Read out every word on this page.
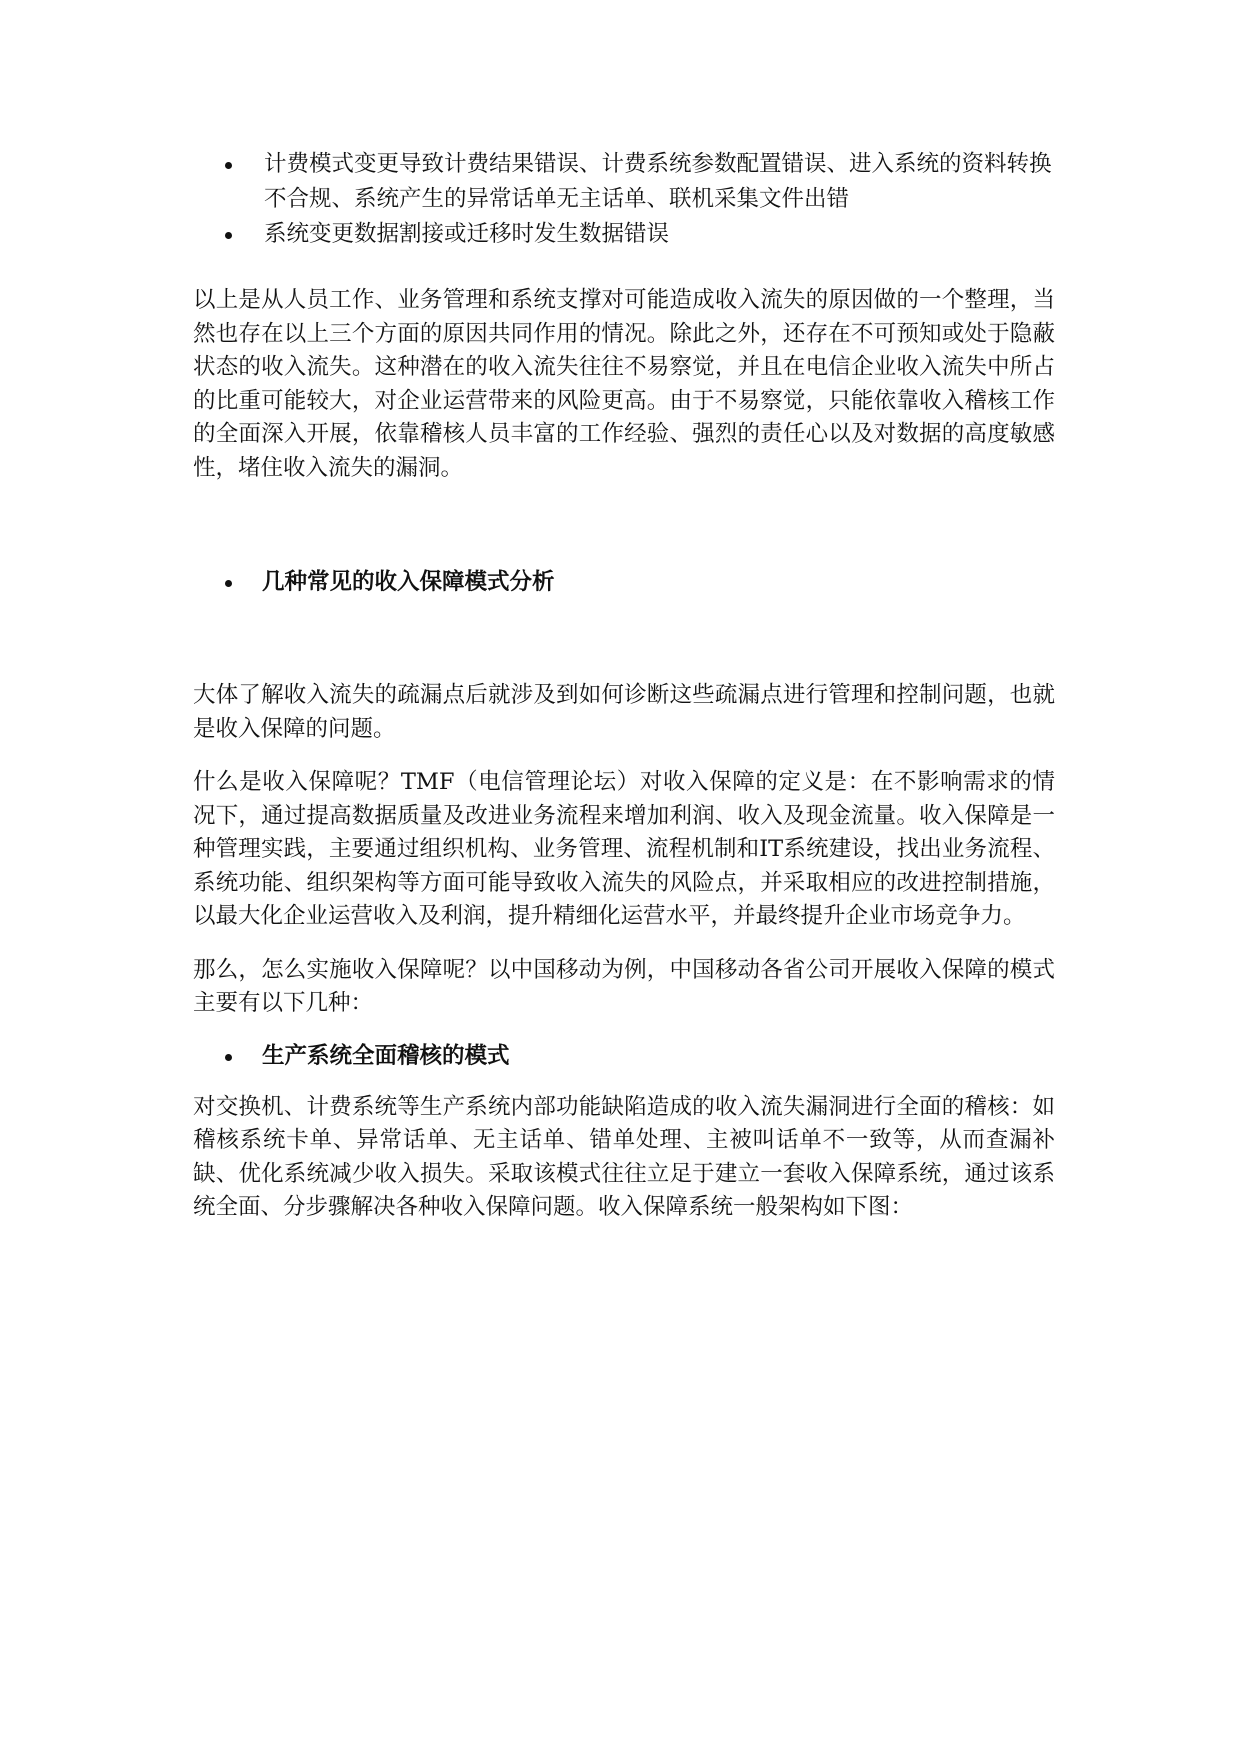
计费模式变更导致计费结果错误、计费系统参数配置错误、进入系统的资料转换不合规、系统产生的异常话单无主话单、联机采集文件出错
系统变更数据割接或迁移时发生数据错误

以上是从人员工作、业务管理和系统支撑对可能造成收入流失的原因做的一个整理，当然也存在以上三个方面的原因共同作用的情况。除此之外，还存在不可预知或处于隐蔽状态的收入流失。这种潜在的收入流失往往不易察觉，并且在电信企业收入流失中所占的比重可能较大，对企业运营带来的风险更高。由于不易察觉，只能依靠收入稽核工作的全面深入开展，依靠稽核人员丰富的工作经验、强烈的责任心以及对数据的高度敏感性，堵住收入流失的漏洞。

几种常见的收入保障模式分析

大体了解收入流失的疏漏点后就涉及到如何诊断这些疏漏点进行管理和控制问题，也就是收入保障的问题。

什么是收入保障呢？TMF（电信管理论坛）对收入保障的定义是：在不影响需求的情况下，通过提高数据质量及改进业务流程来增加利润、收入及现金流量。收入保障是一种管理实践，主要通过组织机构、业务管理、流程机制和IT系统建设，找出业务流程、系统功能、组织架构等方面可能导致收入流失的风险点，并采取相应的改进控制措施，以最大化企业运营收入及利润，提升精细化运营水平，并最终提升企业市场竞争力。

那么，怎么实施收入保障呢？以中国移动为例，中国移动各省公司开展收入保障的模式主要有以下几种：

生产系统全面稽核的模式

对交换机、计费系统等生产系统内部功能缺陷造成的收入流失漏洞进行全面的稽核：如稽核系统卡单、异常话单、无主话单、错单处理、主被叫话单不一致等，从而查漏补缺、优化系统减少收入损失。采取该模式往往立足于建立一套收入保障系统，通过该系统全面、分步骤解决各种收入保障问题。收入保障系统一般架构如下图：
